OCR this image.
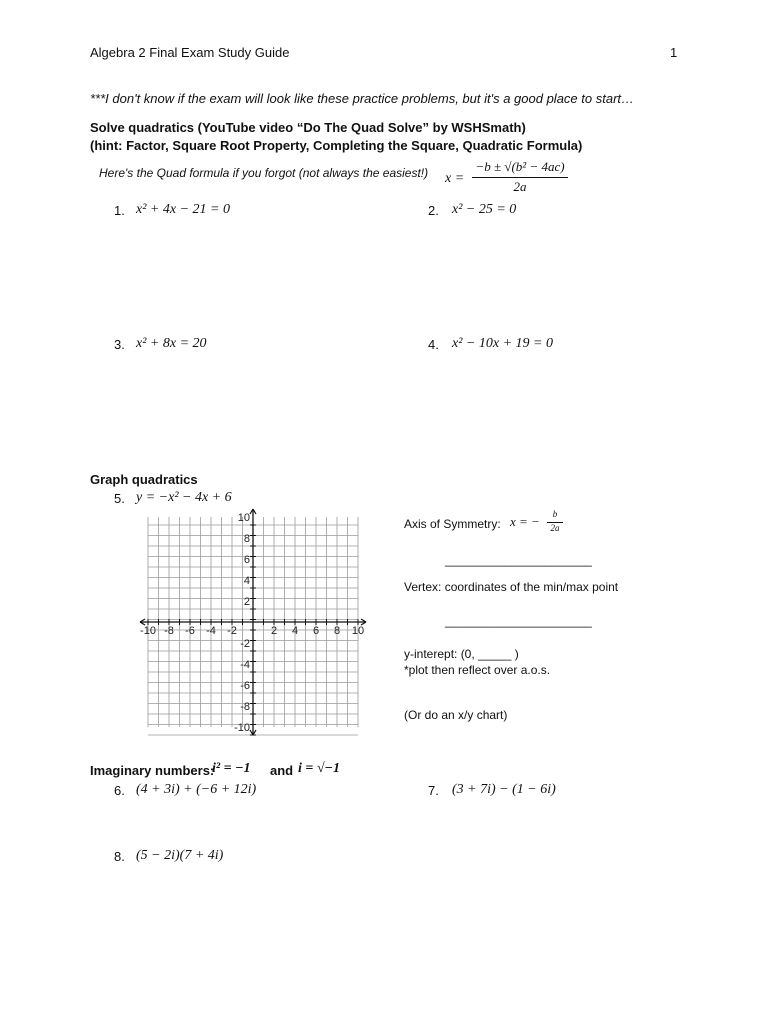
Algebra 2 Final Exam Study Guide	1
***I don't know if the exam will look like these practice problems, but it's a good place to start…
Solve quadratics (YouTube video “Do The Quad Solve” by WSHSmath)
(hint: Factor, Square Root Property, Completing the Square, Quadratic Formula)
Here's the Quad formula if you forgot (not always the easiest!) x =
−b ± √(b² − 4ac)
2a
1. x² + 4x − 21 = 0	2. x² − 25 = 0
3. x² + 8x = 20	4. x² − 10x + 19 = 0
Graph quadratics
5. y = −x² − 4x + 6
-10 -8 -6 -4 -2	2 4 6 8 10
10
8
6
4
2
-2
-4
-6
-8
-10
Axis of Symmetry: x = −	b
2a
______________________
Vertex: coordinates of the min/max point
______________________
y-interept: (0, _____ )
*plot then reflect over a.o.s.
(Or do an x/y chart)
Imaginary numbers:
i² = −1 and i = √−1
6. (4 + 3i) + (−6 + 12i)	7. (3 + 7i) − (1 − 6i)
8. (5 − 2i)(7 + 4i)
